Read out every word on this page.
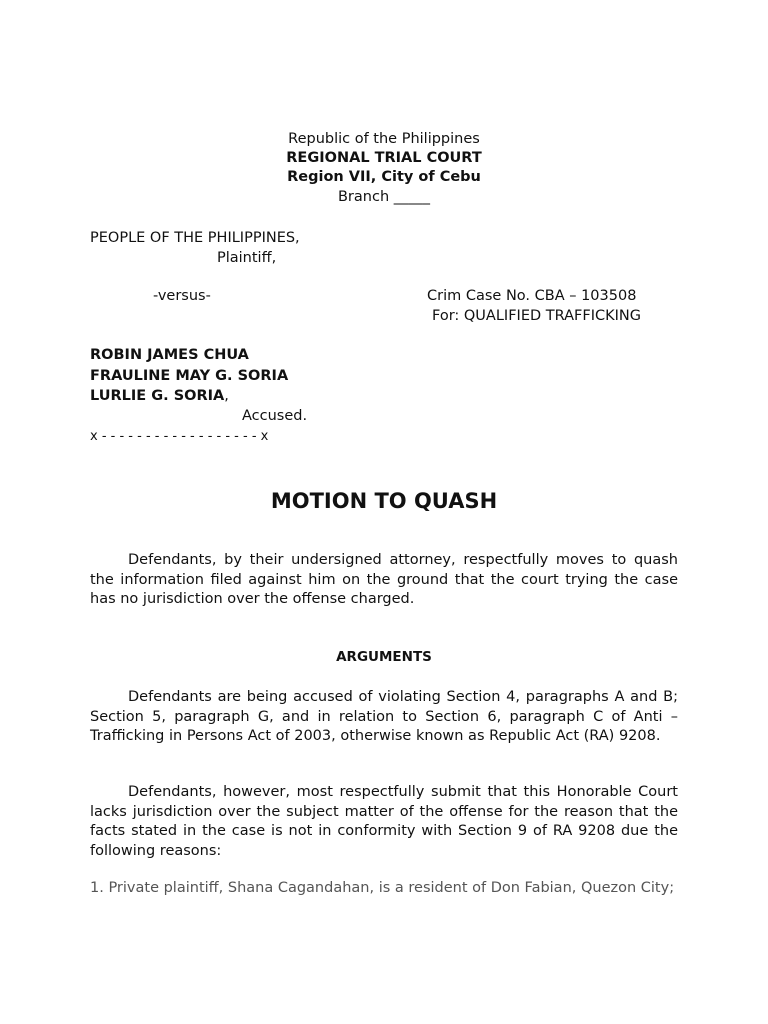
Republic of the Philippines
REGIONAL TRIAL COURT
Region VII, City of Cebu
Branch _____
PEOPLE OF THE PHILIPPINES,
Plaintiff,
-versus-	Crim Case No. CBA – 103508
For: QUALIFIED TRAFFICKING
ROBIN JAMES CHUA
FRAULINE MAY G. SORIA
LURLIE G. SORIA,
Accused.
x - - - - - - - - - - - - - - - - - - x
MOTION TO QUASH

Defendants, by their undersigned attorney, respectfully moves to quash the information filed against him on the ground that the court trying the case has no jurisdiction over the offense charged.

ARGUMENTS

Defendants are being accused of violating Section 4, paragraphs A and B; Section 5, paragraph G, and in relation to Section 6, paragraph C of Anti – Trafficking in Persons Act of 2003, otherwise known as Republic Act (RA) 9208.

Defendants, however, most respectfully submit that this Honorable Court lacks jurisdiction over the subject matter of the offense for the reason that the facts stated in the case is not in conformity with Section 9 of RA 9208 due the following reasons:

1. Private plaintiff, Shana Cagandahan, is a resident of Don Fabian, Quezon City;
